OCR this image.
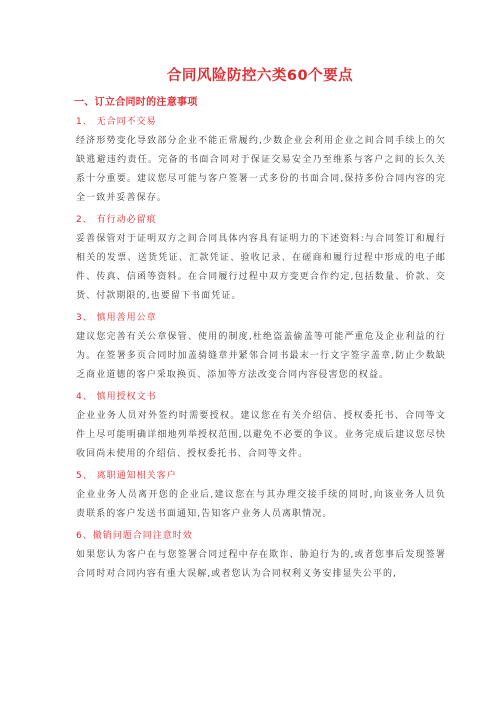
合同风险防控六类60个要点
一、订立合同时的注意事项
1、 无合同不交易

经济形势变化导致部分企业不能正常履约,少数企业会利用企业之间合同手续上的欠缺逃避违约责任。完备的书面合同对于保证交易安全乃至维系与客户之间的长久关系十分重要。建议您尽可能与客户签署一式多份的书面合同,保持多份合同内容的完全一致并妥善保存。

2、 有行动必留痕

妥善保管对于证明双方之间合同具体内容具有证明力的下述资料:与合同签订和履行相关的发票、送货凭证、汇款凭证、验收记录、在磋商和履行过程中形成的电子邮件、传真、信函等资料。在合同履行过程中双方变更合作约定,包括数量、价款、交货、付款期限的,也要留下书面凭证。

3、 慎用善用公章

建议您完善有关公章保管、使用的制度,杜绝盗盖偷盖等可能严重危及企业利益的行为。在签署多页合同时加盖骑缝章并紧邻合同书最末一行文字签字盖章,防止少数缺乏商业道德的客户采取换页、添加等方法改变合同内容侵害您的权益。

4、 慎用授权文书

企业业务人员对外签约时需要授权。建议您在有关介绍信、授权委托书、合同等文件上尽可能明确详细地列举授权范围,以避免不必要的争议。业务完成后建议您尽快收回尚未使用的介绍信、授权委托书、合同等文件。

5、 离职通知相关客户

企业业务人员离开您的企业后,建议您在与其办理交接手续的同时,向该业务人员负责联系的客户发送书面通知,告知客户业务人员离职情况。

6、撤销问题合同注意时效

如果您认为客户在与您签署合同过程中存在欺诈、胁迫行为的,或者您事后发现签署合同时对合同内容有重大误解,或者您认为合同权利义务安排显失公平的,
